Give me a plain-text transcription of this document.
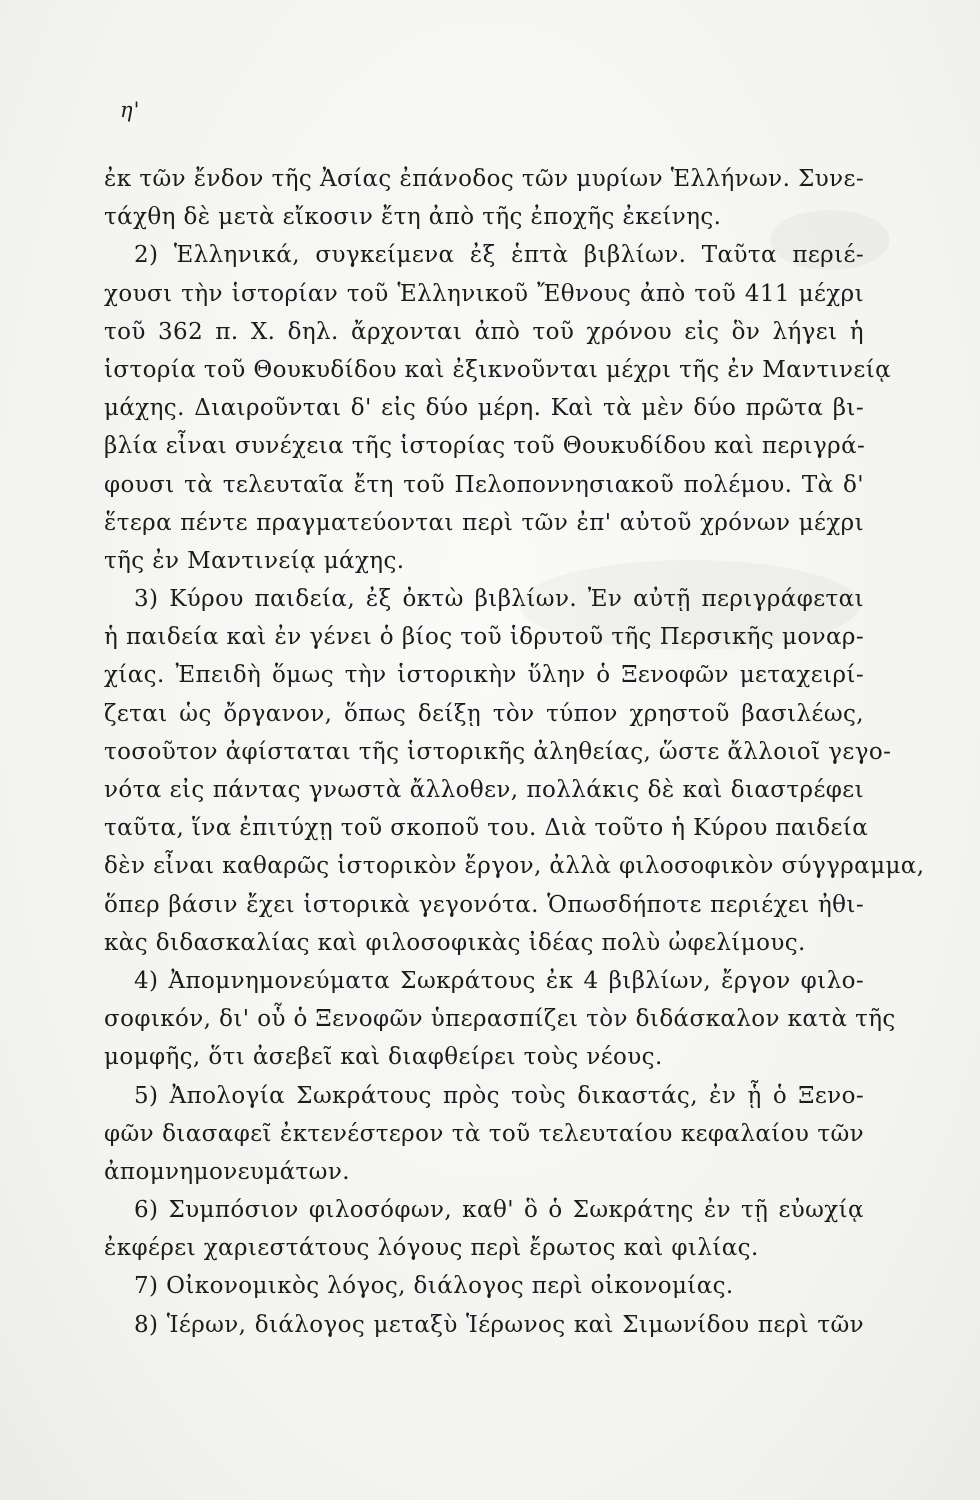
η'
ἐκ τῶν ἔνδον τῆς Ἀσίας ἐπάνοδος τῶν μυρίων Ἑλλήνων. Συνε-
τάχθη δὲ μετὰ εἴκοσιν ἔτη ἀπὸ τῆς ἐποχῆς ἐκείνης.
2) Ἑλληνικά, συγκείμενα ἐξ ἑπτὰ βιβλίων. Ταῦτα περιέ-
χουσι τὴν ἱστορίαν τοῦ Ἑλληνικοῦ Ἔθνους ἀπὸ τοῦ 411 μέχρι
τοῦ 362 π. Χ. δηλ. ἄρχονται ἀπὸ τοῦ χρόνου εἰς ὃν λήγει ἡ
ἱστορία τοῦ Θουκυδίδου καὶ ἐξικνοῦνται μέχρι τῆς ἐν Μαντινείᾳ
μάχης. Διαιροῦνται δ' εἰς δύο μέρη. Καὶ τὰ μὲν δύο πρῶτα βι-
βλία εἶναι συνέχεια τῆς ἱστορίας τοῦ Θουκυδίδου καὶ περιγρά-
φουσι τὰ τελευταῖα ἔτη τοῦ Πελοποννησιακοῦ πολέμου. Τὰ δ'
ἕτερα πέντε πραγματεύονται περὶ τῶν ἐπ' αὐτοῦ χρόνων μέχρι
τῆς ἐν Μαντινείᾳ μάχης.
3) Κύρου παιδεία, ἐξ ὀκτὼ βιβλίων. Ἐν αὐτῇ περιγράφεται
ἡ παιδεία καὶ ἐν γένει ὁ βίος τοῦ ἱδρυτοῦ τῆς Περσικῆς μοναρ-
χίας. Ἐπειδὴ ὅμως τὴν ἱστορικὴν ὕλην ὁ Ξενοφῶν μεταχειρί-
ζεται ὡς ὄργανον, ὅπως δείξῃ τὸν τύπον χρηστοῦ βασιλέως,
τοσοῦτον ἀφίσταται τῆς ἱστορικῆς ἀληθείας, ὥστε ἄλλοιοῖ γεγο-
νότα εἰς πάντας γνωστὰ ἄλλοθεν, πολλάκις δὲ καὶ διαστρέφει
ταῦτα, ἵνα ἐπιτύχῃ τοῦ σκοποῦ του. Διὰ τοῦτο ἡ Κύρου παιδεία
δὲν εἶναι καθαρῶς ἱστορικὸν ἔργον, ἀλλὰ φιλοσοφικὸν σύγγραμμα,
ὅπερ βάσιν ἔχει ἱστορικὰ γεγονότα. Ὁπωσδήποτε περιέχει ἠθι-
κὰς διδασκαλίας καὶ φιλοσοφικὰς ἰδέας πολὺ ὠφελίμους.
4) Ἀπομνημονεύματα Σωκράτους ἐκ 4 βιβλίων, ἔργον φιλο-
σοφικόν, δι' οὗ ὁ Ξενοφῶν ὑπερασπίζει τὸν διδάσκαλον κατὰ τῆς
μομφῆς, ὅτι ἀσεβεῖ καὶ διαφθείρει τοὺς νέους.
5) Ἀπολογία Σωκράτους πρὸς τοὺς δικαστάς, ἐν ᾗ ὁ Ξενο-
φῶν διασαφεῖ ἐκτενέστερον τὰ τοῦ τελευταίου κεφαλαίου τῶν
ἀπομνημονευμάτων.
6) Συμπόσιον φιλοσόφων, καθ' ὃ ὁ Σωκράτης ἐν τῇ εὐωχίᾳ
ἐκφέρει χαριεστάτους λόγους περὶ ἔρωτος καὶ φιλίας.
7) Οἰκονομικὸς λόγος, διάλογος περὶ οἰκονομίας.
8) Ἱέρων, διάλογος μεταξὺ Ἱέρωνος καὶ Σιμωνίδου περὶ τῶν
